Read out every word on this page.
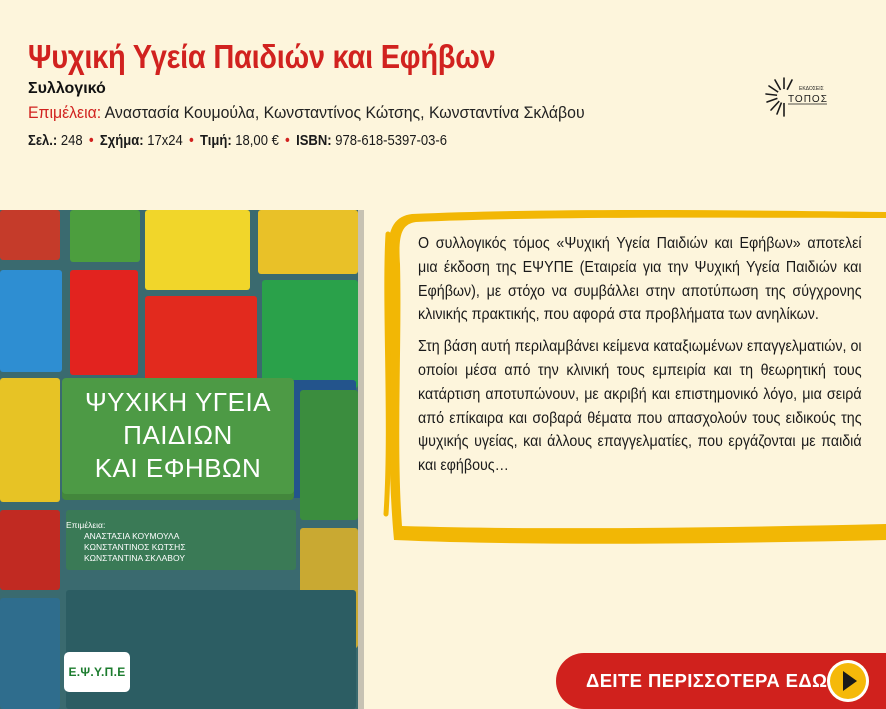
Ψυχική Υγεία Παιδιών και Εφήβων
Συλλογικό
Επιμέλεια: Αναστασία Κουμούλα, Κωνσταντίνος Κώτσης, Κωνσταντίνα Σκλάβου
Σελ.: 248 • Σχήμα: 17x24 • Τιμή: 18,00 € • ISBN: 978-618-5397-03-6
ΕΚΔΟΣΕΙΣ
ΤΟΠΟΣ
ΨΥΧΙΚΗ ΥΓΕΙΑ
ΠΑΙΔΙΩΝ
ΚΑΙ ΕΦΗΒΩΝ
Επιμέλεια:
ΑΝΑΣΤΑΣΙΑ ΚΟΥΜΟΥΛΑ
ΚΩΝΣΤΑΝΤΙΝΟΣ ΚΩΤΣΗΣ
ΚΩΝΣΤΑΝΤΙΝΑ ΣΚΛΑΒΟΥ
Ε.Ψ.Υ.Π.Ε

Ο συλλογικός τόμος «Ψυχική Υγεία Παιδιών και Εφήβων» αποτελεί μια έκδοση της ΕΨΥΠΕ (Εταιρεία για την Ψυχική Υγεία Παιδιών και Εφήβων), με στόχο να συμβάλλει στην αποτύπωση της σύγχρονης κλινικής πρακτικής, που αφορά στα προβλήματα των ανηλίκων.

Στη βάση αυτή περιλαμβάνει κείμενα καταξιωμένων επαγγελματιών, οι οποίοι μέσα από την κλινική τους εμπειρία και τη θεωρητική τους κατάρτιση αποτυπώνουν, με ακριβή και επιστημονικό λόγο, μια σειρά από επίκαιρα και σοβαρά θέματα που απασχολούν τους ειδικούς της ψυχικής υγείας, και άλλους επαγγελματίες, που εργάζονται με παιδιά και εφήβους…

ΔΕΙΤΕ ΠΕΡΙΣΣΟΤΕΡΑ ΕΔΩ
